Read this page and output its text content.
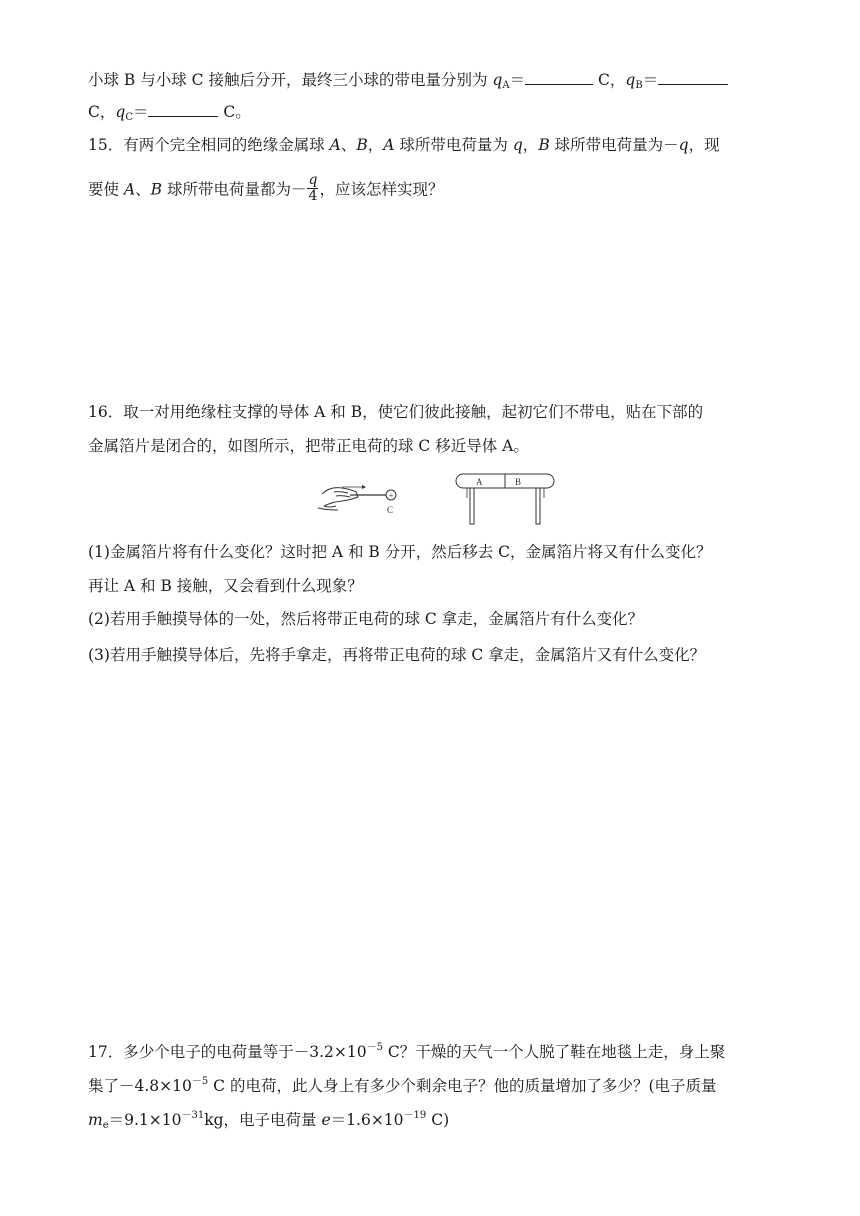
小球 B 与小球 C 接触后分开，最终三小球的带电量分别为 $q_A=$	C，$q_B=$
C，$q_C=$	C。
15．有两个完全相同的绝缘金属球 A、B，A 球所带电荷量为 q，B 球所带电荷量为－q，现
要使 A、B 球所带电荷量都为－ $\frac{q}{4}$ ，应该怎样实现？
16．取一对用绝缘柱支撑的导体 A 和 B，使它们彼此接触，起初它们不带电，贴在下部的
金属箔片是闭合的，如图所示，把带正电荷的球 C 移近导体 A。
+
C
A	B
(1)金属箔片将有什么变化？这时把 A 和 B 分开，然后移去 C，金属箔片将又有什么变化？
再让 A 和 B 接触，又会看到什么现象？
(2)若用手触摸导体的一处，然后将带正电荷的球 C 拿走，金属箔片有什么变化？
(3)若用手触摸导体后，先将手拿走，再将带正电荷的球 C 拿走，金属箔片又有什么变化？
17．多少个电子的电荷量等于$-3.2\times 10^{-5}$ C？干燥的天气一个人脱了鞋在地毯上走，身上聚
集了$-4.8\times 10^{-5}$ C 的电荷，此人身上有多少个剩余电子？他的质量增加了多少？(电子质量
$m_e=9.1\times 10^{-31}kg$，电子电荷量 $e=1.6\times 10^{-19}$ C)
